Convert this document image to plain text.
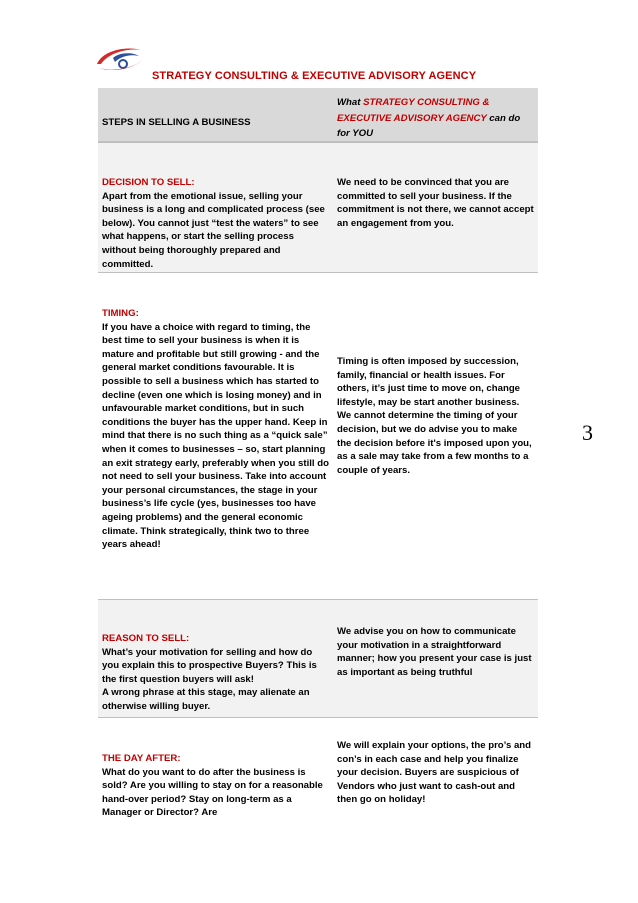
STRATEGY CONSULTING & EXECUTIVE ADVISORY AGENCY
STEPS IN SELLING A BUSINESS
What STRATEGY CONSULTING & EXECUTIVE ADVISORY AGENCY can do for YOU
DECISION TO SELL:
Apart from the emotional issue, selling your business is a long and complicated process (see below). You cannot just “test the waters” to see what happens, or start the selling process without being thoroughly prepared and committed.
We need to be convinced that you are committed to sell your business. If the commitment is not there, we cannot accept an engagement from you.
TIMING:
If you have a choice with regard to timing, the best time to sell your business is when it is mature and profitable but still growing - and the general market conditions favourable. It is possible to sell a business which has started to decline (even one which is losing money) and in unfavourable market conditions, but in such conditions the buyer has the upper hand. Keep in mind that there is no such thing as a “quick sale” when it comes to businesses – so, start planning an exit strategy early, preferably when you still do not need to sell your business. Take into account your personal circumstances, the stage in your business’s life cycle (yes, businesses too have ageing problems) and the general economic climate. Think strategically, think two to three years ahead!
Timing is often imposed by succession, family, financial or health issues. For others, it’s just time to move on, change lifestyle, may be start another business. We cannot determine the timing of your decision, but we do advise you to make the decision before it's imposed upon you, as a sale may take from a few months to a couple of years.
REASON TO SELL:
What’s your motivation for selling and how do you explain this to prospective Buyers? This is the first question buyers will ask!
A wrong phrase at this stage, may alienate an otherwise willing buyer.
We advise you on how to communicate your motivation in a straightforward manner; how you present your case is just as important as being truthful
THE DAY AFTER:
What do you want to do after the business is sold? Are you willing to stay on for a reasonable hand-over period? Stay on long-term as a Manager or Director? Are
We will explain your options, the pro’s and con’s in each case and help you finalize your decision. Buyers are suspicious of Vendors who just want to cash-out and then go on holiday!
3
